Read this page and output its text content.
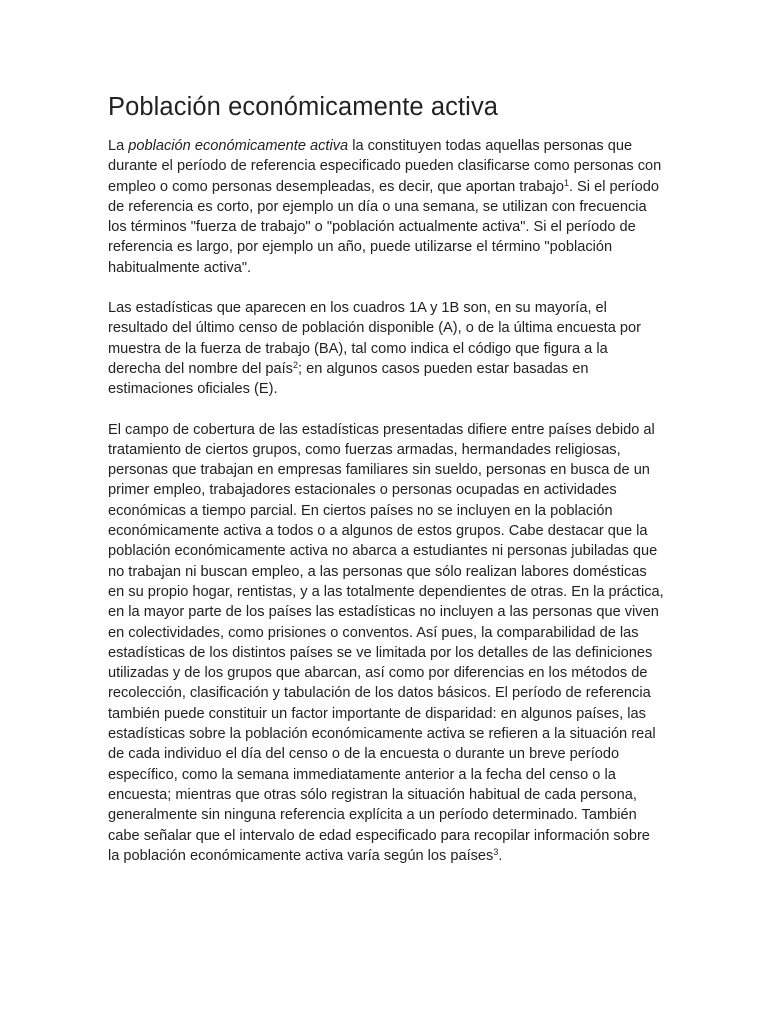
Población económicamente activa

La población económicamente activa la constituyen todas aquellas personas que durante el período de referencia especificado pueden clasificarse como personas con empleo o como personas desempleadas, es decir, que aportan trabajo$^1$. Si el período de referencia es corto, por ejemplo un día o una semana, se utilizan con frecuencia los términos "fuerza de trabajo" o "población actualmente activa". Si el período de referencia es largo, por ejemplo un año, puede utilizarse el término "población habitualmente activa".

Las estadísticas que aparecen en los cuadros 1A y 1B son, en su mayoría, el resultado del último censo de población disponible (A), o de la última encuesta por muestra de la fuerza de trabajo (BA), tal como indica el código que figura a la derecha del nombre del país$^2$; en algunos casos pueden estar basadas en estimaciones oficiales (E).

El campo de cobertura de las estadísticas presentadas difiere entre países debido al tratamiento de ciertos grupos, como fuerzas armadas, hermandades religiosas, personas que trabajan en empresas familiares sin sueldo, personas en busca de un primer empleo, trabajadores estacionales o personas ocupadas en actividades económicas a tiempo parcial. En ciertos países no se incluyen en la población económicamente activa a todos o a algunos de estos grupos. Cabe destacar que la población económicamente activa no abarca a estudiantes ni personas jubiladas que no trabajan ni buscan empleo, a las personas que sólo realizan labores domésticas en su propio hogar, rentistas, y a las totalmente dependientes de otras. En la práctica, en la mayor parte de los países las estadísticas no incluyen a las personas que viven en colectividades, como prisiones o conventos. Así pues, la comparabilidad de las estadísticas de los distintos países se ve limitada por los detalles de las definiciones utilizadas y de los grupos que abarcan, así como por diferencias en los métodos de recolección, clasificación y tabulación de los datos básicos. El período de referencia también puede constituir un factor importante de disparidad: en algunos países, las estadísticas sobre la población económicamente activa se refieren a la situación real de cada individuo el día del censo o de la encuesta o durante un breve período específico, como la semana immediatamente anterior a la fecha del censo o la encuesta; mientras que otras sólo registran la situación habitual de cada persona, generalmente sin ninguna referencia explícita a un período determinado. También cabe señalar que el intervalo de edad especificado para recopilar información sobre la población económicamente activa varía según los países$^3$.
